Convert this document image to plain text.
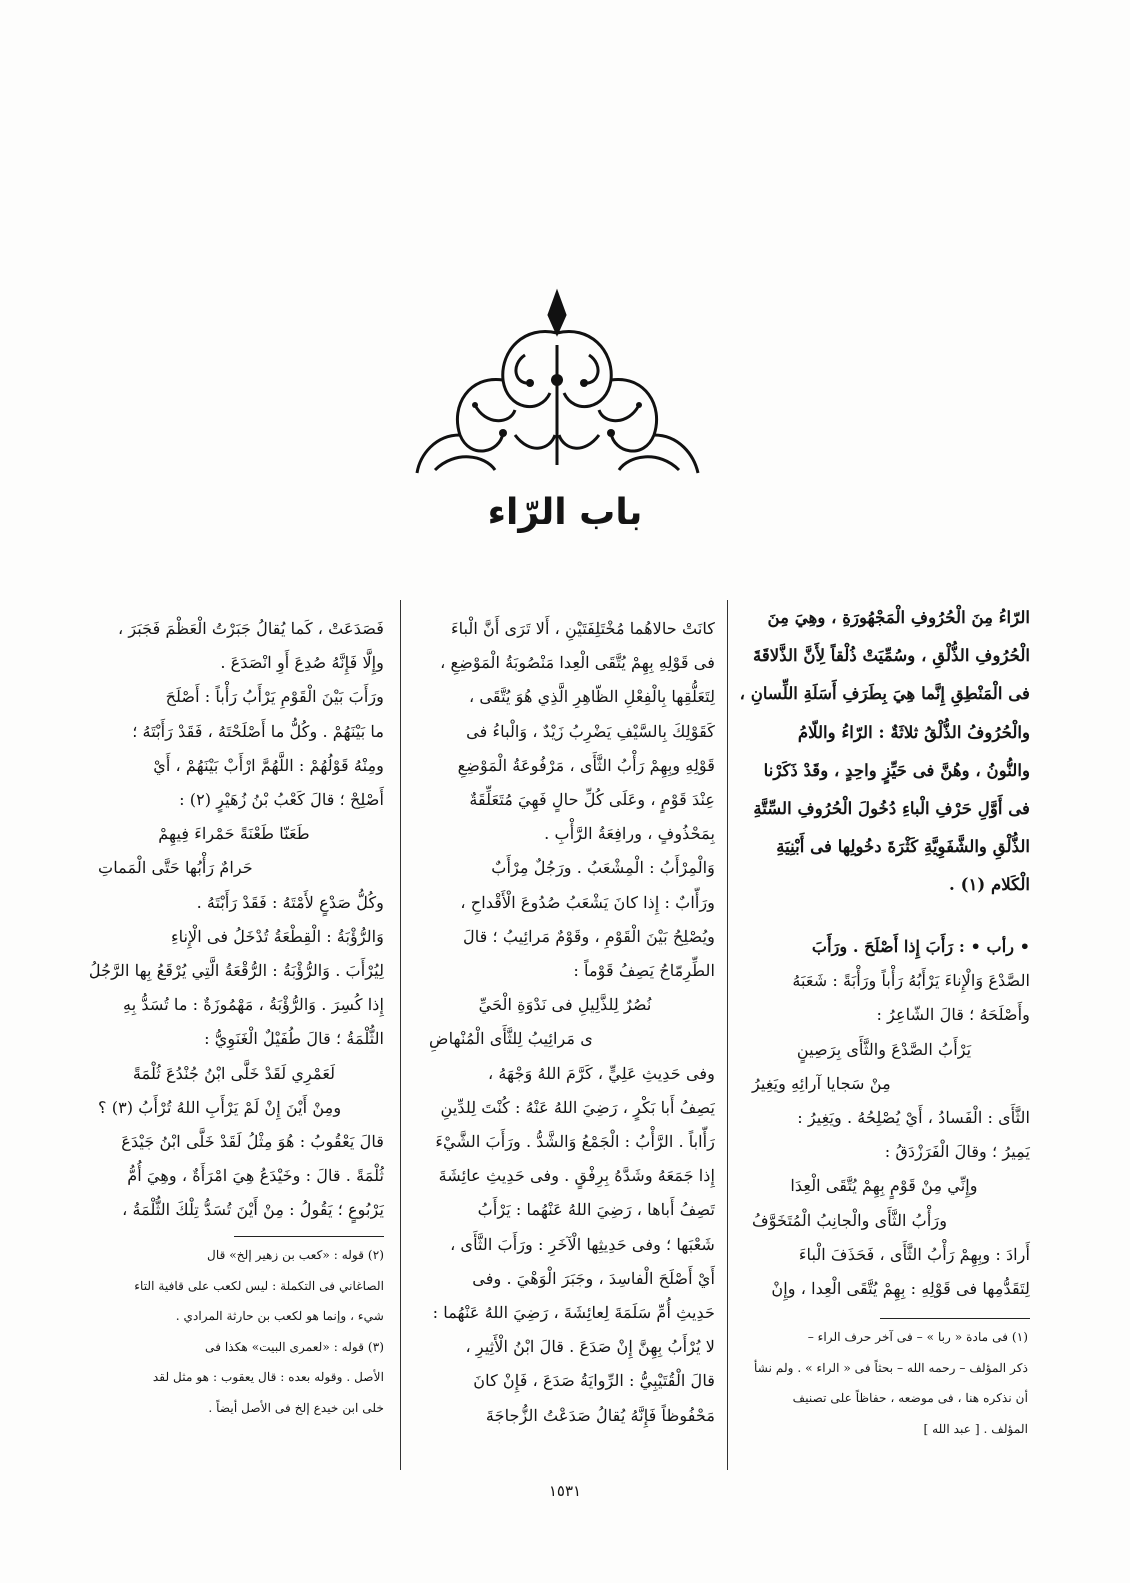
باب الرّاء

الرّاءُ مِنَ الْحُرُوفِ الْمَجْهُورَةِ ، وهِيَ مِنَ

الْحُرُوفِ الذُّلْقِ ، وسُمِّيَتْ ذُلْقاً لِأَنَّ الذَّلاقَةَ

فى الْمَنْطِقِ إِنَّما هِيَ بِطَرَفِ أَسَلَةِ اللِّسانِ ،

والْحُرُوفُ الذُّلْقُ ثلاثَةٌ : الرّاءُ واللّامُ

والنُّونُ ، وهُنَّ فى حَيِّزٍ واحِدٍ ، وقَدْ ذَكَرْنا

فى أَوَّلِ حَرْفِ الْباءِ دُخُولَ الْحُرُوفِ السِّتَّةِ

الذُّلْقِ والشَّفَوِيَّةِ كَثْرَةَ دخُولِها فى أَبْنِيَةِ

الْكَلام (١) .

• رأب • : رَأَبَ إِذا أَصْلَحَ . ورَأَبَ

الصَّدْعَ وَالْإِناءَ يَرْأَبُهُ رَأْباً ورَأْبَةً : شَعَبَهُ

وأَصْلَحَهُ ؛ قالَ الشّاعِرُ :

يَرْأَبُ الصَّدْعَ والثَّأَى بِرَصِينٍ

مِنْ سَجايا آرائِهِ ويَغِيرُ

الثَّأَى : الْفَسادُ ، أَيْ يُصْلِحُهُ . ويَغِيرُ :

يَمِيرُ ؛ وقالَ الْفَرَزْدَقُ :

وإِنِّي مِنْ قَوْمٍ بِهِمْ يُتَّقَى الْعِدَا

ورَأْبُ الثَّأَى والْجانِبُ الْمُتَخَوَّفُ

أَرادَ : وبِهِمْ رَأْبُ الثَّأَى ، فَحَذَفَ الْباءَ

لِتَقَدُّمِها فى قَوْلِهِ : بِهِمْ يُتَّقَى الْعِدا ، وإِنْ

(١) فى مادة « ربا » – فى آخر حرف الراء –

ذكر المؤلف – رحمه الله – بحثاً فى « الراء » . ولم نشأ

أن نذكره هنا ، فى موضعه ، حفاظاً على تصنيف

المؤلف . [ عبد الله ]

كانَتْ حالاهُما مُخْتَلِفَتَيْنِ ، أَلا تَرَى أَنَّ الْباءَ

فى قَوْلِهِ بِهِمْ يُتَّقَى الْعِدا مَنْصُوبَةُ الْمَوْضِعِ ،

لِتَعَلُّقِها بِالْفِعْلِ الظّاهِرِ الَّذِي هُوَ يُتَّقَى ،

كَقَوْلِكَ بِالسَّيْفِ يَضْرِبُ زَيْدٌ ، وَالْباءُ فى

قَوْلِهِ وبِهِمْ رَأْبُ الثَّأَى ، مَرْفُوعَةُ الْمَوْضِعِ

عِنْدَ قَوْمٍ ، وعَلَى كُلِّ حالٍ فَهِيَ مُتَعَلِّقَةٌ

بِمَحْذُوفٍ ، ورافِعَةُ الرَّأْبِ .

وَالْمِرْأَبُ : الْمِشْعَبُ . ورَجُلٌ مِرْأَبٌ

ورَأّابٌ : إِذا كانَ يَشْعَبُ صُدُوعَ الْأَقْداحِ ،

ويُصْلِحُ بَيْنَ الْقَوْمِ ، وقَوْمٌ مَرائِيبُ ؛ قالَ

الطِّرِمّاحُ يَصِفُ قَوْماً :

نُصُرٌ لِلذَّلِيلِ فى نَدْوَةِ الْحَيِّ

ى مَرائِيبُ لِلثَّأَى الْمُنْهاضِ

وفى حَدِيثِ عَلِيٍّ ، كَرَّمَ اللهُ وَجْهَهُ ،

يَصِفُ أَبا بَكْرٍ ، رَضِيَ اللهُ عَنْهُ : كُنْتَ لِلدِّينِ

رَأّاباً . الرَّأْبُ : الْجَمْعُ وَالشَّدُّ . ورَأَبَ الشَّيْءَ

إِذا جَمَعَهُ وشَدَّهُ بِرِفْقٍ . وفى حَدِيثِ عائِشَةَ

تَصِفُ أَباها ، رَضِيَ اللهُ عَنْهُما : يَرْأَبُ

شَعْبَها ؛ وفى حَدِيثِها الْآخَرِ : ورَأَبَ الثَّأَى ،

أَيْ أَصْلَحَ الْفاسِدَ ، وجَبَرَ الْوَهْيَ . وفى

حَدِيثِ أُمِّ سَلَمَةَ لِعائِشَةَ ، رَضِيَ اللهُ عَنْهُما :

لا يُرْأَبُ بِهِنَّ إِنْ صَدَعَ . قالَ ابْنُ الْأَثِيرِ ،

قالَ الْقُتَيْبِيُّ : الرِّوايَةُ صَدَعَ ، فَإِنْ كانَ

مَحْفُوظاً فَإِنَّهُ يُقالُ صَدَعْتُ الزُّجاجَةَ

فَصَدَعَتْ ، كَما يُقالُ جَبَرْتُ الْعَظْمَ فَجَبَرَ ،

وإِلَّا فَإِنَّهُ صُدِعَ أَوِ انْصَدَعَ .

ورَأَبَ بَيْنَ الْقَوْمِ يَرْأَبُ رَأْباً : أَصْلَحَ

ما بَيْنَهُمْ . وكُلُّ ما أَصْلَحْتَهُ ، فَقَدْ رَأَبْتَهُ ؛

ومِنْهُ قَوْلُهُمْ : اللَّهُمَّ ارْأَبْ بَيْنَهُمْ ، أَيْ

أَصْلِحْ ؛ قالَ كَعْبُ بْنُ زُهَيْرٍ (٢) :

طَعَنّا طَعْنَةً حَمْراءَ فِيهِمْ

حَرامٌ رَأْبُها حَتَّى الْمَماتِ

وكُلُّ صَدْعٍ لأَمْتَهُ : فَقَدْ رَأَبْتَهُ .

وَالرُّؤْبَةُ : الْقِطْعَةُ تُدْخَلُ فى الْإِناءِ

لِيُرْأَبَ . وَالرُّؤْبَةُ : الرُّقْعَةُ الَّتِي يُرْقَعُ بِها الرَّجُلُ

إِذا كُسِرَ . وَالرُّؤْبَةُ ، مَهْمُوزَةٌ : ما تُسَدُّ بِهِ

الثُّلْمَةُ ؛ قالَ طُفَيْلٌ الْغَنَوِيُّ :

لَعَمْرِي لَقَدْ خَلَّى ابْنُ جُنْدُعَ ثُلْمَةً

ومِنْ أَيْنَ إِنْ لَمْ يَرْأَبِ اللهُ تُرْأَبُ (٣) ؟

قالَ يَعْقُوبُ : هُوَ مِثْلُ لَقَدْ خَلَّى ابْنُ جَيْدَعَ

ثُلْمَةً . قالَ : وخَيْدَعُ هِيَ امْرَأَةٌ ، وهِيَ أُمُّ

يَرْبُوعٍ ؛ يَقُولُ : مِنْ أَيْنَ تُسَدُّ تِلْكَ الثُّلْمَةُ ،

(٢) قوله : «كعب بن زهير إلخ» قال

الصاغاني فى التكملة : ليس لكعب على قافية التاء

شيء ، وإنما هو لكعب بن حارثة المرادي .

(٣) قوله : «لعمرى البيت» هكذا فى

الأصل . وقوله بعده : قال يعقوب : هو مثل لقد

خلى ابن خيدع إلخ فى الأصل أيضاً .

١٥٣١
